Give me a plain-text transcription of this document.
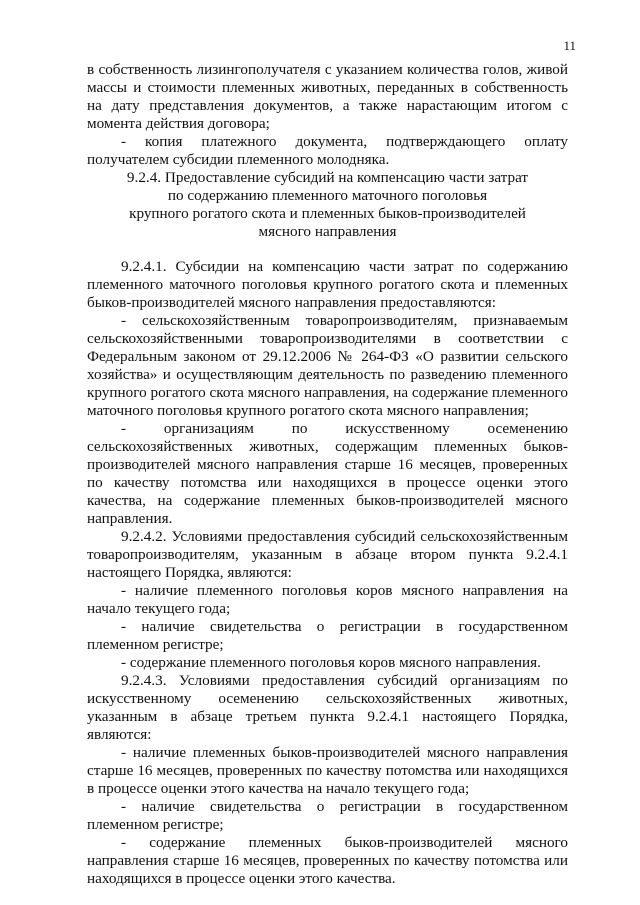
11

в собственность лизингополучателя с указанием количества голов, живой массы и стоимости племенных животных, переданных в собственность на дату представления документов, а также нарастающим итогом с момента действия договора;

- копия платежного документа, подтверждающего оплату получателем субсидии племенного молодняка.

9.2.4. Предоставление субсидий на компенсацию части затрат

по содержанию племенного маточного поголовья

крупного рогатого скота и племенных быков-производителей

мясного направления

9.2.4.1. Субсидии на компенсацию части затрат по содержанию племенного маточного поголовья крупного рогатого скота и племенных быков-производителей мясного направления предоставляются:

- сельскохозяйственным товаропроизводителям, признаваемым сельскохозяйственными товаропроизводителями в соответствии с Федеральным законом от 29.12.2006 № 264-ФЗ «О развитии сельского хозяйства» и осуществляющим деятельность по разведению племенного крупного рогатого скота мясного направления, на содержание племенного маточного поголовья крупного рогатого скота мясного направления;

- организациям по искусственному осеменению сельскохозяйственных животных, содержащим племенных быков-производителей мясного направления старше 16 месяцев, проверенных по качеству потомства или находящихся в процессе оценки этого качества, на содержание племенных быков-производителей мясного направления.

9.2.4.2. Условиями предоставления субсидий сельскохозяйственным товаропроизводителям, указанным в абзаце втором пункта 9.2.4.1 настоящего Порядка, являются:

- наличие племенного поголовья коров мясного направления на начало текущего года;

- наличие свидетельства о регистрации в государственном племенном регистре;

- содержание племенного поголовья коров мясного направления.

9.2.4.3. Условиями предоставления субсидий организациям по искусственному осеменению сельскохозяйственных животных, указанным в абзаце третьем пункта 9.2.4.1 настоящего Порядка, являются:

- наличие племенных быков-производителей мясного направления старше 16 месяцев, проверенных по качеству потомства или находящихся в процессе оценки этого качества на начало текущего года;

- наличие свидетельства о регистрации в государственном племенном регистре;

- содержание племенных быков-производителей мясного направления старше 16 месяцев, проверенных по качеству потомства или находящихся в процессе оценки этого качества.
